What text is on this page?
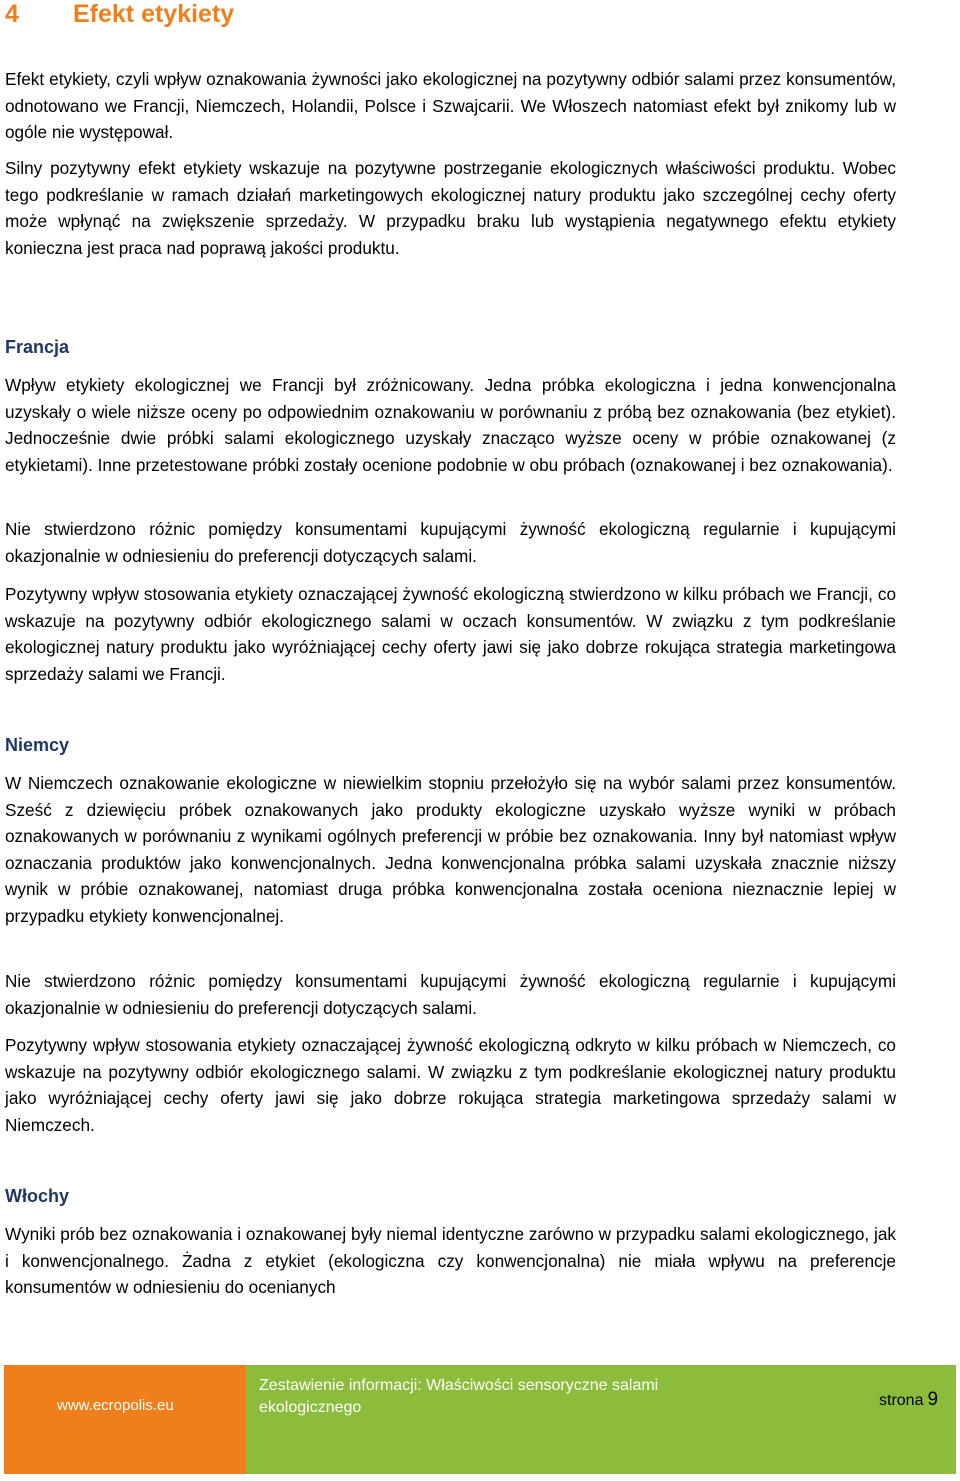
4 Efekt etykiety

Efekt etykiety, czyli wpływ oznakowania żywności jako ekologicznej na pozytywny odbiór salami przez konsumentów, odnotowano we Francji, Niemczech, Holandii, Polsce i Szwajcarii. We Włoszech natomiast efekt był znikomy lub w ogóle nie występował.

Silny pozytywny efekt etykiety wskazuje na pozytywne postrzeganie ekologicznych właściwości produktu. Wobec tego podkreślanie w ramach działań marketingowych ekologicznej natury produktu jako szczególnej cechy oferty może wpłynąć na zwiększenie sprzedaży. W przypadku braku lub wystąpienia negatywnego efektu etykiety konieczna jest praca nad poprawą jakości produktu.

Francja

Wpływ etykiety ekologicznej we Francji był zróżnicowany. Jedna próbka ekologiczna i jedna konwencjonalna uzyskały o wiele niższe oceny po odpowiednim oznakowaniu w porównaniu z próbą bez oznakowania (bez etykiet). Jednocześnie dwie próbki salami ekologicznego uzyskały znacząco wyższe oceny w próbie oznakowanej (z etykietami). Inne przetestowane próbki zostały ocenione podobnie w obu próbach (oznakowanej i bez oznakowania).

Nie stwierdzono różnic pomiędzy konsumentami kupującymi żywność ekologiczną regularnie i kupującymi okazjonalnie w odniesieniu do preferencji dotyczących salami.

Pozytywny wpływ stosowania etykiety oznaczającej żywność ekologiczną stwierdzono w kilku próbach we Francji, co wskazuje na pozytywny odbiór ekologicznego salami w oczach konsumentów. W związku z tym podkreślanie ekologicznej natury produktu jako wyróżniającej cechy oferty jawi się jako dobrze rokująca strategia marketingowa sprzedaży salami we Francji.

Niemcy

W Niemczech oznakowanie ekologiczne w niewielkim stopniu przełożyło się na wybór salami przez konsumentów. Sześć z dziewięciu próbek oznakowanych jako produkty ekologiczne uzyskało wyższe wyniki w próbach oznakowanych w porównaniu z wynikami ogólnych preferencji w próbie bez oznakowania. Inny był natomiast wpływ oznaczania produktów jako konwencjonalnych. Jedna konwencjonalna próbka salami uzyskała znacznie niższy wynik w próbie oznakowanej, natomiast druga próbka konwencjonalna została oceniona nieznacznie lepiej w przypadku etykiety konwencjonalnej.

Nie stwierdzono różnic pomiędzy konsumentami kupującymi żywność ekologiczną regularnie i kupującymi okazjonalnie w odniesieniu do preferencji dotyczących salami.

Pozytywny wpływ stosowania etykiety oznaczającej żywność ekologiczną odkryto w kilku próbach w Niemczech, co wskazuje na pozytywny odbiór ekologicznego salami. W związku z tym podkreślanie ekologicznej natury produktu jako wyróżniającej cechy oferty jawi się jako dobrze rokująca strategia marketingowa sprzedaży salami w Niemczech.

Włochy

Wyniki prób bez oznakowania i oznakowanej były niemal identyczne zarówno w przypadku salami ekologicznego, jak i konwencjonalnego. Żadna z etykiet (ekologiczna czy konwencjonalna) nie miała wpływu na preferencje konsumentów w odniesieniu do ocenianych

www.ecropolis.eu
Zestawienie informacji: Właściwości sensoryczne salami ekologicznego	strona 9
